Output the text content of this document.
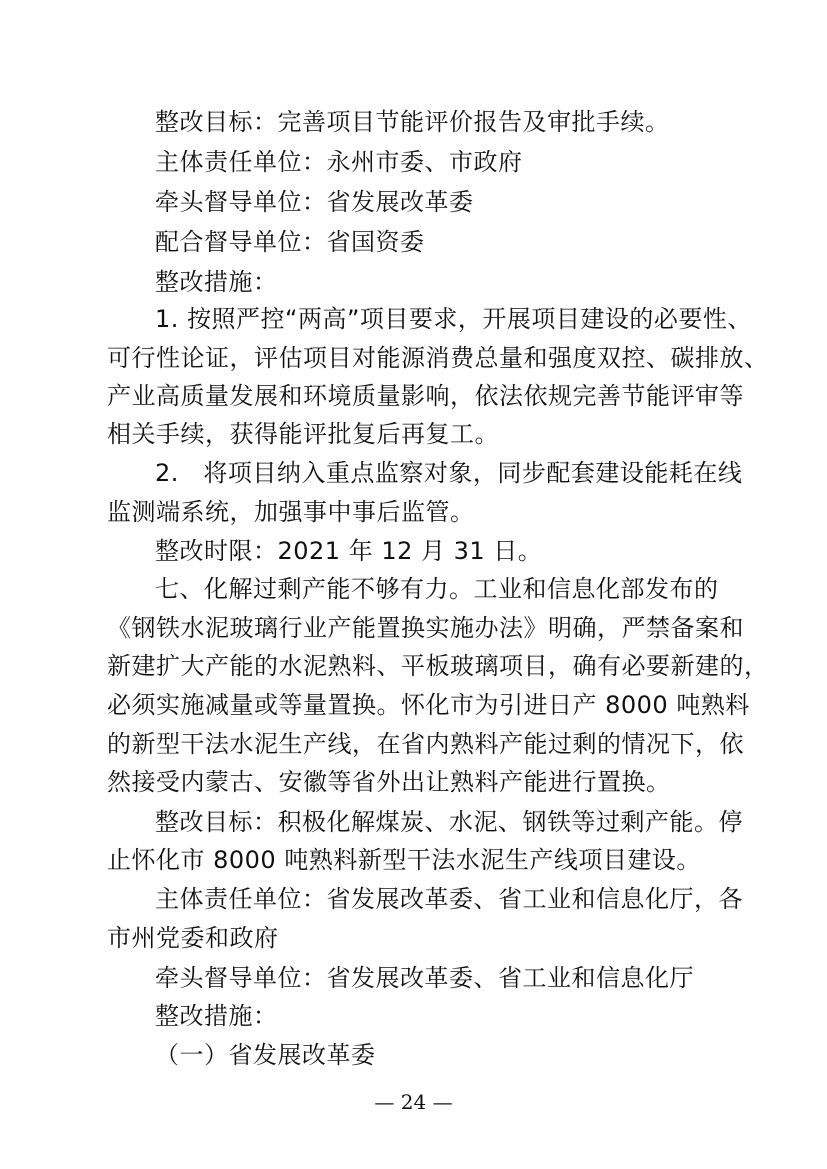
整改目标：完善项目节能评价报告及审批手续。
主体责任单位：永州市委、市政府
牵头督导单位：省发展改革委
配合督导单位：省国资委
整改措施：
1. 按照严控“两高”项目要求，开展项目建设的必要性、
可行性论证，评估项目对能源消费总量和强度双控、碳排放、
产业高质量发展和环境质量影响，依法依规完善节能评审等
相关手续，获得能评批复后再复工。
2.　将项目纳入重点监察对象，同步配套建设能耗在线
监测端系统，加强事中事后监管。
整改时限：2021 年 12 月 31 日。
七、化解过剩产能不够有力。工业和信息化部发布的
《钢铁水泥玻璃行业产能置换实施办法》明确，严禁备案和
新建扩大产能的水泥熟料、平板玻璃项目，确有必要新建的，
必须实施减量或等量置换。怀化市为引进日产 8000 吨熟料
的新型干法水泥生产线，在省内熟料产能过剩的情况下，依
然接受内蒙古、安徽等省外出让熟料产能进行置换。
整改目标：积极化解煤炭、水泥、钢铁等过剩产能。停
止怀化市 8000 吨熟料新型干法水泥生产线项目建设。
主体责任单位：省发展改革委、省工业和信息化厅，各
市州党委和政府
牵头督导单位：省发展改革委、省工业和信息化厅
整改措施：
（一）省发展改革委
— 24 —
